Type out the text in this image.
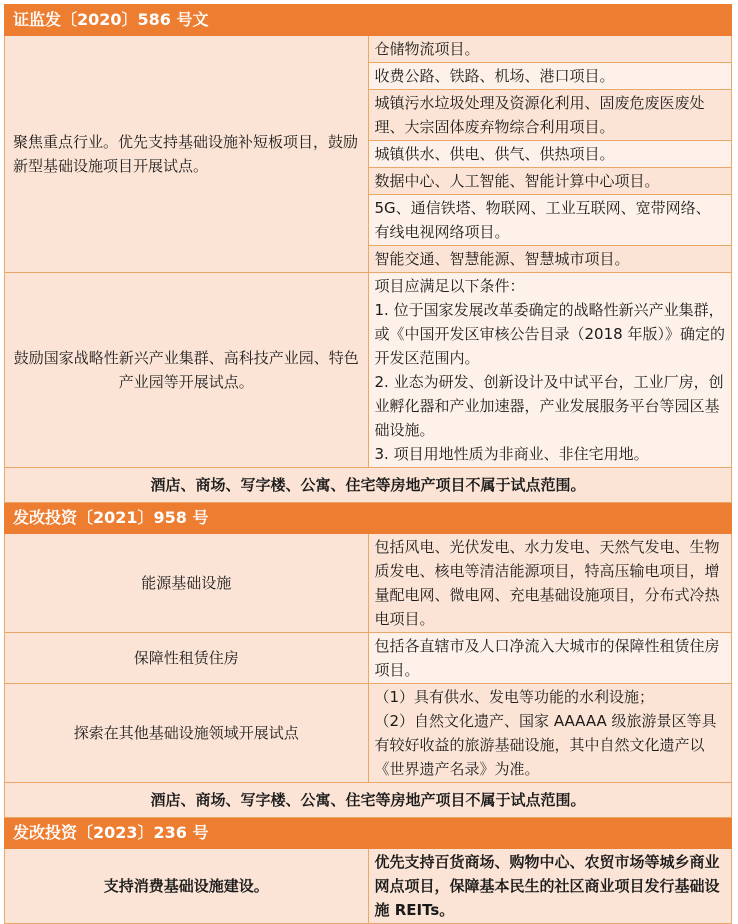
证监发〔2020〕586 号文	
聚焦重点行业。优先支持基础设施补短板项目，鼓励新型基础设施项目开展试点。	仓储物流项目。
	收费公路、铁路、机场、港口项目。
	城镇污水垃圾处理及资源化利用、固废危废医废处理、大宗固体废弃物综合利用项目。
	城镇供水、供电、供气、供热项目。
	数据中心、人工智能、智能计算中心项目。
	5G、通信铁塔、物联网、工业互联网、宽带网络、有线电视网络项目。
	智能交通、智慧能源、智慧城市项目。
鼓励国家战略性新兴产业集群、高科技产业园、特色产业园等开展试点。	项目应满足以下条件：
1. 位于国家发展改革委确定的战略性新兴产业集群，或《中国开发区审核公告目录（2018 年版）》确定的开发区范围内。
2. 业态为研发、创新设计及中试平台，工业厂房，创业孵化器和产业加速器，产业发展服务平台等园区基础设施。
3. 项目用地性质为非商业、非住宅用地。

酒店、商场、写字楼、公寓、住宅等房地产项目不属于试点范围。	
发改投资〔2021〕958 号	
能源基础设施	包括风电、光伏发电、水力发电、天然气发电、生物质发电、核电等清洁能源项目，特高压输电项目，增量配电网、微电网、充电基础设施项目，分布式冷热电项目。
保障性租赁住房	包括各直辖市及人口净流入大城市的保障性租赁住房项目。
探索在其他基础设施领域开展试点	（1）具有供水、发电等功能的水利设施；
（2）自然文化遗产、国家 AAAAA 级旅游景区等具有较好收益的旅游基础设施，其中自然文化遗产以《世界遗产名录》为准。

酒店、商场、写字楼、公寓、住宅等房地产项目不属于试点范围。	
发改投资〔2023〕236 号	
支持消费基础设施建设。	优先支持百货商场、购物中心、农贸市场等城乡商业网点项目，保障基本民生的社区商业项目发行基础设施 REITs。
